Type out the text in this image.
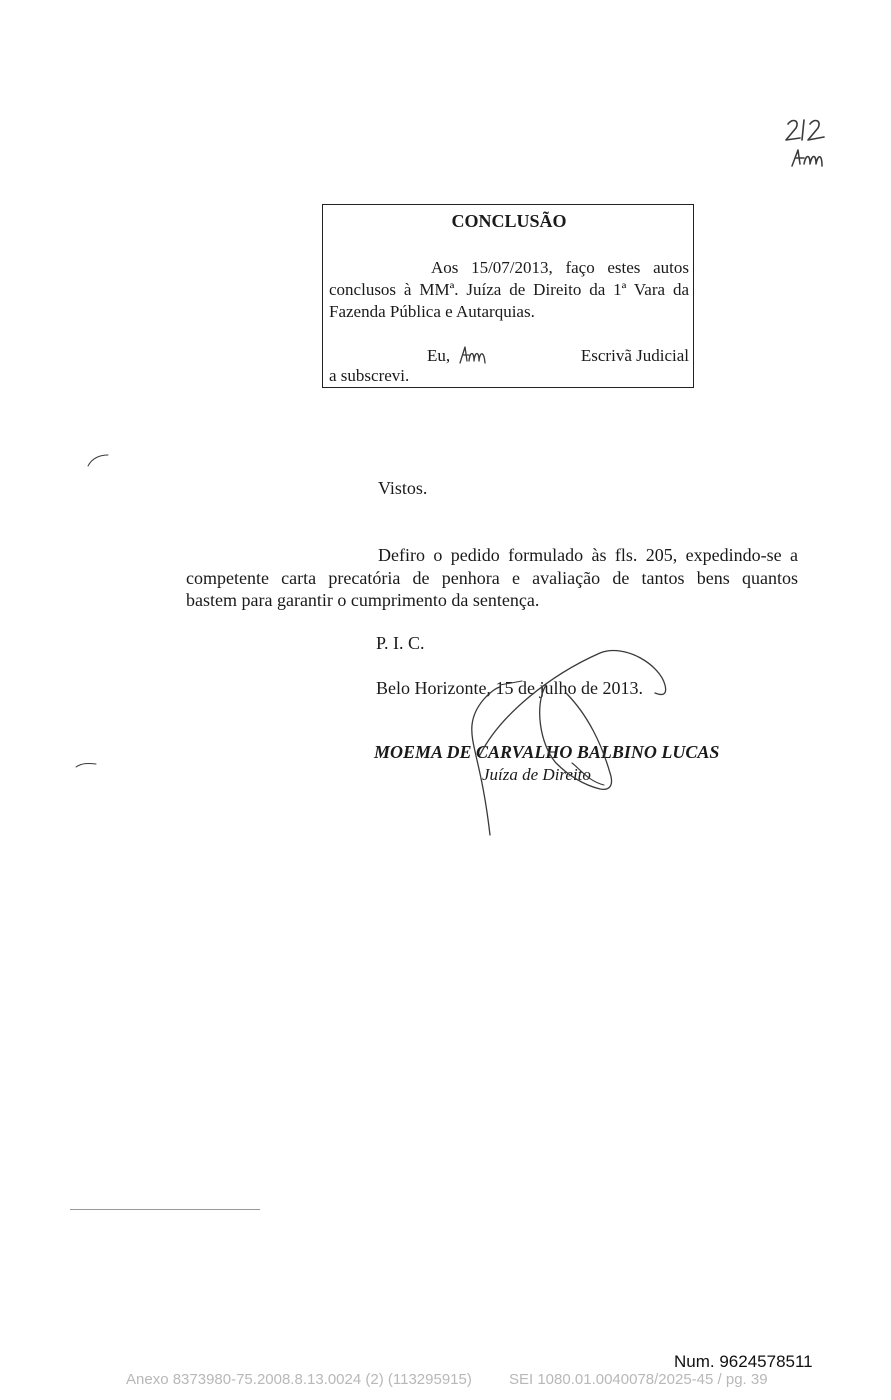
CONCLUSÃO
Aos 15/07/2013, faço estes autos
conclusos à MMª. Juíza de Direito da 1ª Vara da
Fazenda Pública e Autarquias.
Eu,	Escrivã Judicial
a subscrevi.
Vistos.
Defiro o pedido formulado às fls. 205, expedindo-se a
competente carta precatória de penhora e avaliação de tantos bens quantos
bastem para garantir o cumprimento da sentença.
P. I. C.
Belo Horizonte, 15 de julho de 2013.
MOEMA DE CARVALHO BALBINO LUCAS
Juíza de Direito
Num. 9624578511
Anexo 8373980-75.2008.8.13.0024 (2) (113295915) SEI 1080.01.0040078/2025-45 / pg. 39
